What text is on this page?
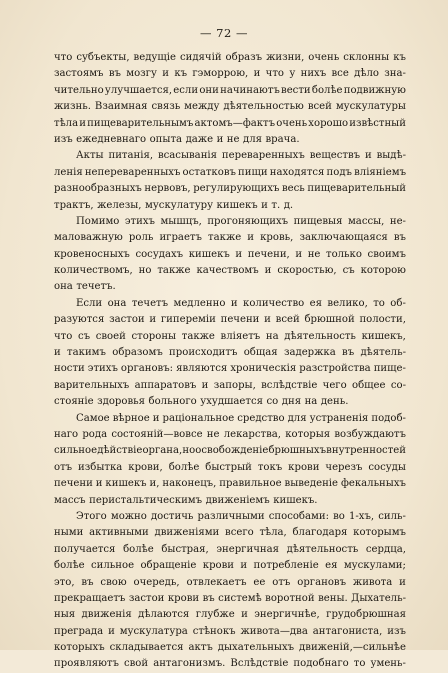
— 72 —
что субъекты, ведущіе сидячій образъ жизни, очень склонны къ
застоямъ въ мозгу и къ гэморрою, и что у нихъ все дѣло зна-
чительно улучшается, если они начинаютъ вести болѣе подвижную
жизнь. Взаимная связь между дѣятельностью всей мускулатуры
тѣла и пищеварительнымъ актомъ—фактъ очень хорошо извѣстный
изъ ежедневнаго опыта даже и не для врача.
Акты питанія, всасыванія переваренныхъ веществъ и выдѣ-
ленія непереваренныхъ остатковъ пищи находятся подъ вліяніемъ
разнообразныхъ нервовъ, регулирующихъ весь пищеварительный
трактъ, железы, мускулатуру кишекъ и т. д.
Помимо этихъ мышцъ, прогоняющихъ пищевыя массы, не-
маловажную роль играетъ также и кровь, заключающаяся въ
кровеносныхъ сосудахъ кишекъ и печени, и не только своимъ
количествомъ, но также качествомъ и скоростью, съ которою
она течетъ.
Если она течетъ медленно и количество ея велико, то об-
разуются застои и гипереміи печени и всей брюшной полости,
что съ своей стороны также вліяетъ на дѣятельность кишекъ,
и такимъ образомъ происходитъ общая задержка въ дѣятель-
ности этихъ органовъ: являются хроническія разстройства пище-
варительныхъ аппаратовъ и запоры, вслѣдствіе чего общее со-
стояніе здоровья больного ухудшается со дня на день.
Самое вѣрное и раціональное средство для устраненія подоб-
наго рода состояній—вовсе не лекарства, которыя возбуждаютъ
сильное дѣйствіе органа, но освобожденіе брюшныхъ внутренностей
отъ избытка крови, болѣе быстрый токъ крови черезъ сосуды
печени и кишекъ и, наконецъ, правильное выведеніе фекальныхъ
массъ перистальтическимъ движеніемъ кишекъ.
Этого можно достичь различными способами: во 1-хъ, силь-
ными активными движеніями всего тѣла, благодаря которымъ
получается болѣе быстрая, энергичная дѣятельность сердца,
болѣе сильное обращеніе крови и потребленіе ея мускулами;
это, въ свою очередь, отвлекаетъ ее отъ органовъ живота и
прекращаетъ застои крови въ системѣ воротной вены. Дыхатель-
ныя движенія дѣлаются глубже и энергичнѣе, грудобрюшная
преграда и мускулатура стѣнокъ живота—два антагониста, изъ
которыхъ складывается актъ дыхательныхъ движеній,—сильнѣе
проявляютъ свой антагонизмъ. Вслѣдствіе подобнаго то умень-
